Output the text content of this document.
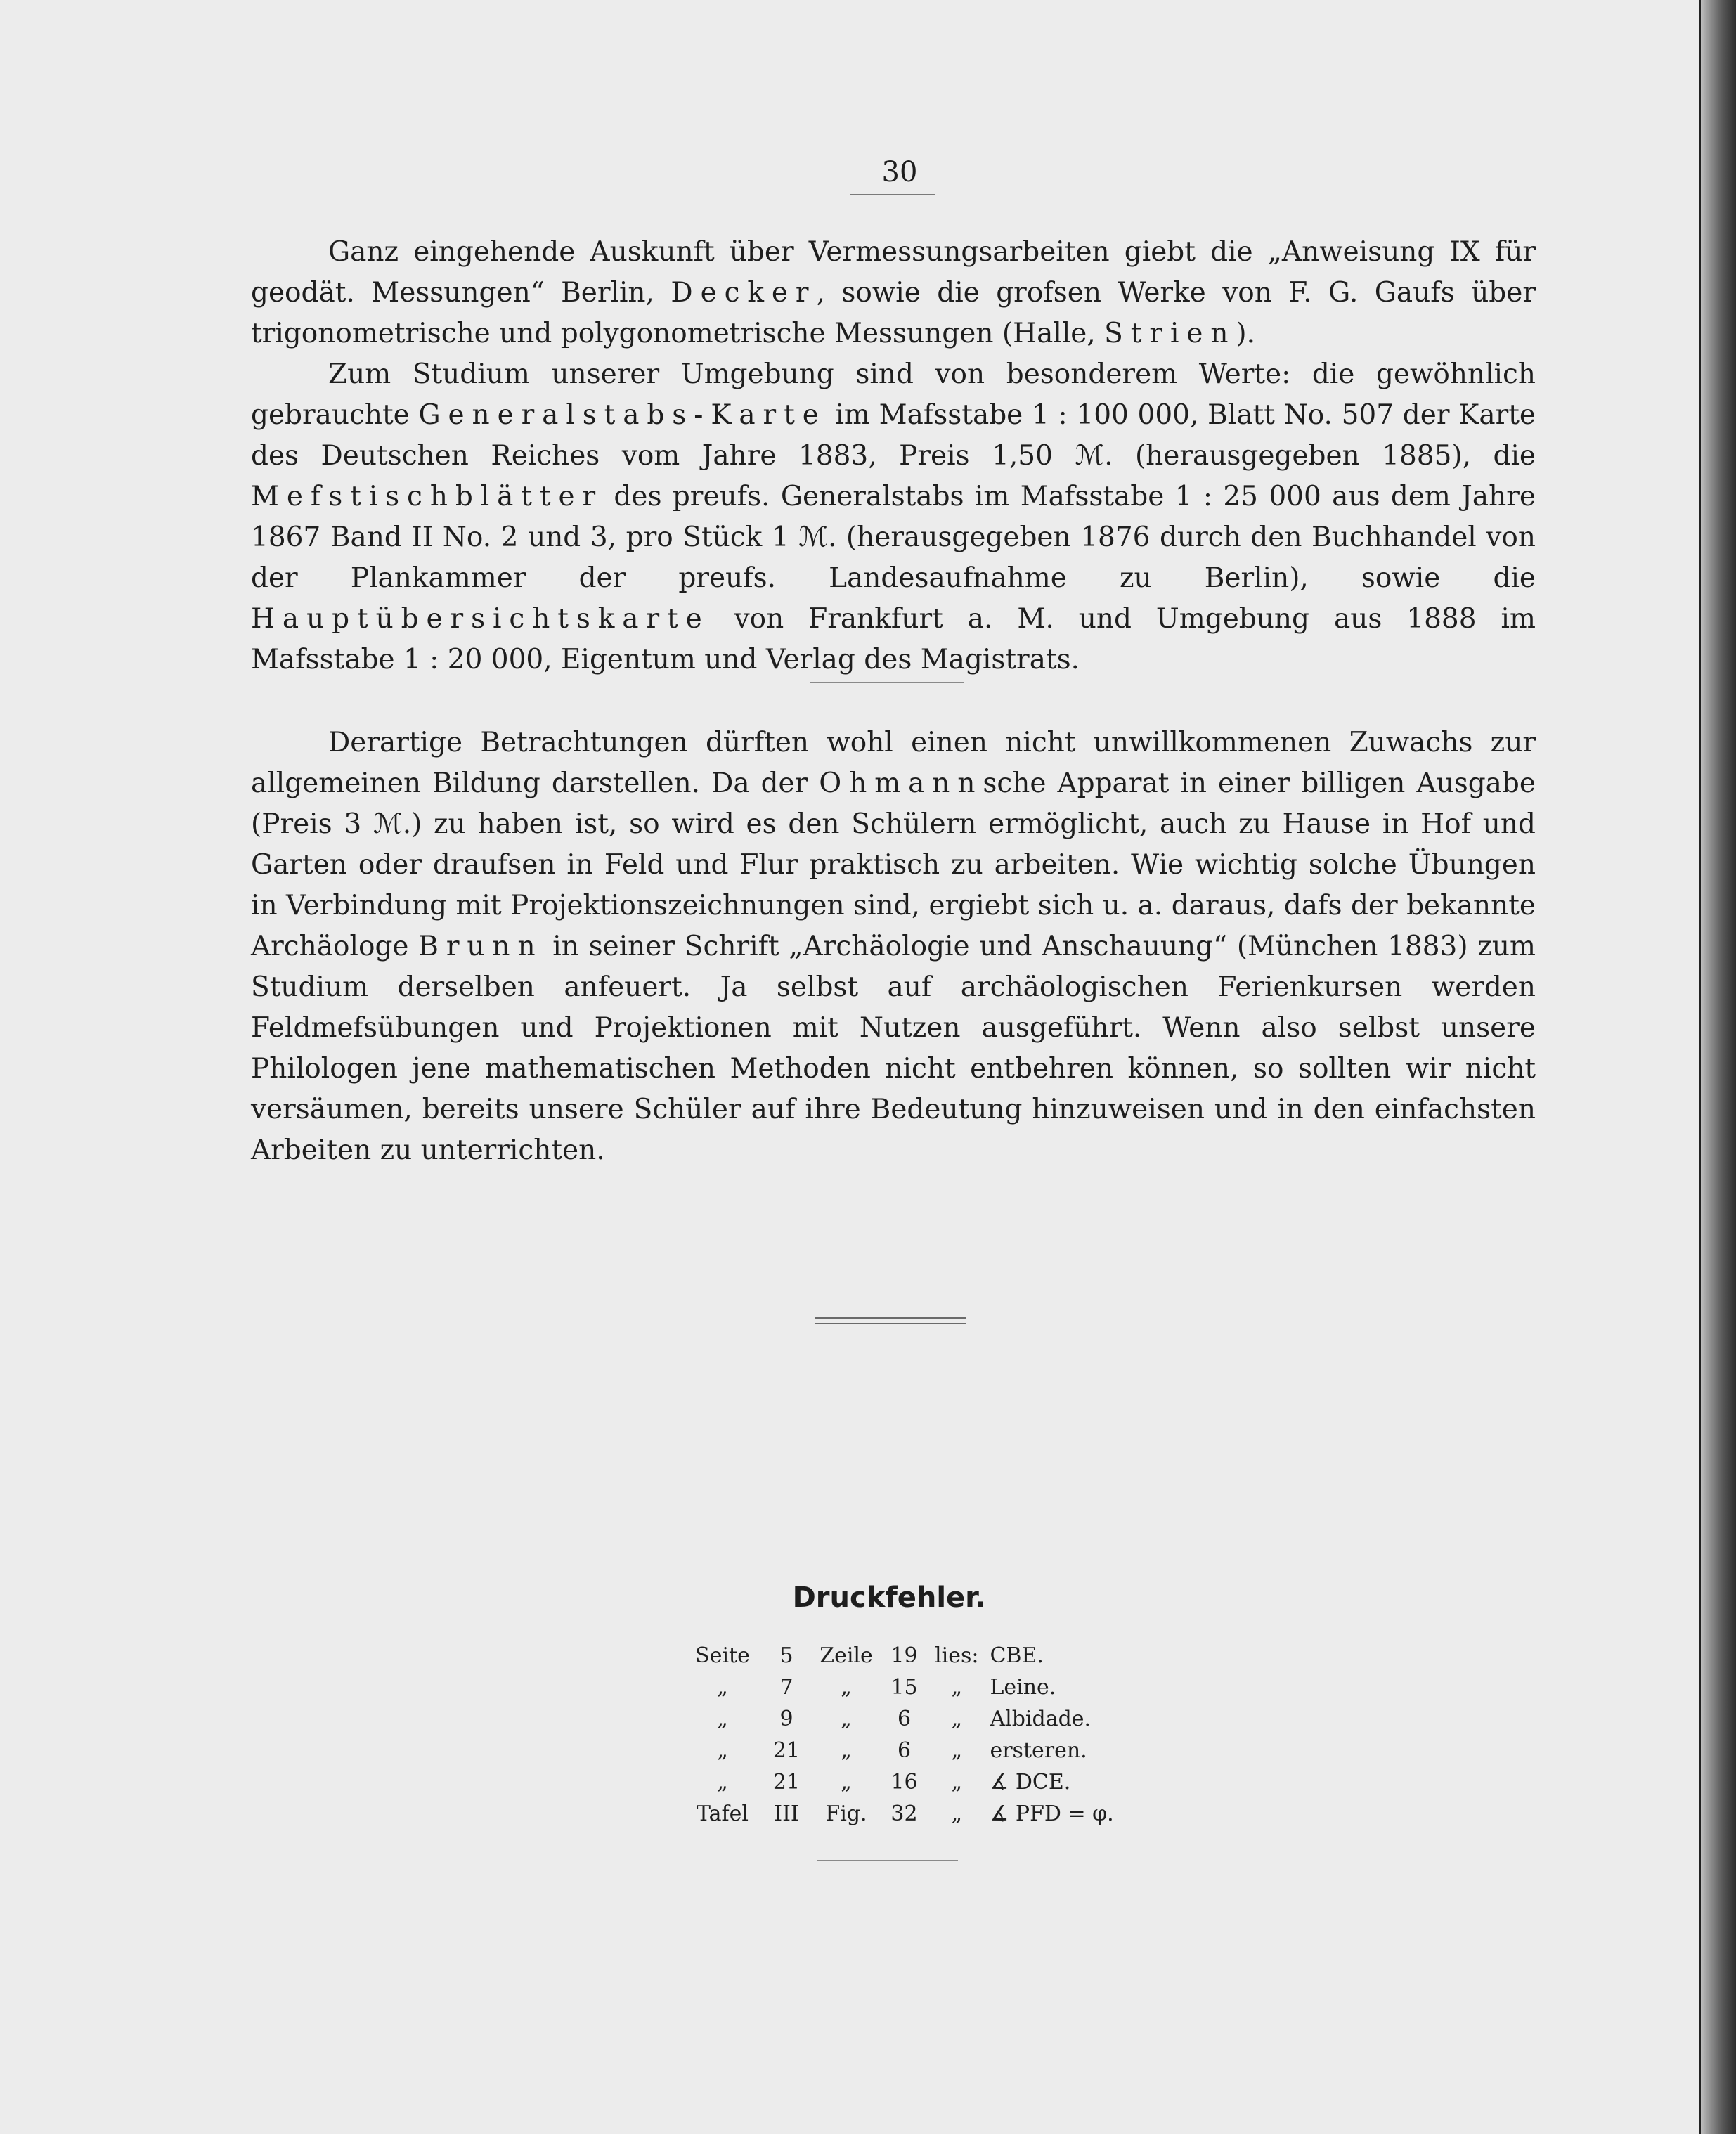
30

Ganz eingehende Auskunft über Vermessungsarbeiten giebt die „Anweisung IX für geodät. Messungen“ Berlin, Decker, sowie die grofsen Werke von F. G. Gaufs über trigonometrische und polygonometrische Messungen (Halle, Strien).

Zum Studium unserer Umgebung sind von besonderem Werte: die gewöhnlich gebrauchte Generalstabs-Karte im Mafsstabe 1 : 100 000, Blatt No. 507 der Karte des Deutschen Reiches vom Jahre 1883, Preis 1,50 ℳ. (herausgegeben 1885), die Mefstischblätter des preufs. Generalstabs im Mafsstabe 1 : 25 000 aus dem Jahre 1867 Band II No. 2 und 3, pro Stück 1 ℳ. (herausgegeben 1876 durch den Buchhandel von der Plankammer der preufs. Landesaufnahme zu Berlin), sowie die Hauptübersichtskarte von Frankfurt a. M. und Umgebung aus 1888 im Mafsstabe 1 : 20 000, Eigentum und Verlag des Magistrats.

Derartige Betrachtungen dürften wohl einen nicht unwillkommenen Zuwachs zur allgemeinen Bildung darstellen. Da der Ohmannsche Apparat in einer billigen Ausgabe (Preis 3 ℳ.) zu haben ist, so wird es den Schülern ermöglicht, auch zu Hause in Hof und Garten oder draufsen in Feld und Flur praktisch zu arbeiten. Wie wichtig solche Übungen in Verbindung mit Projektionszeichnungen sind, ergiebt sich u. a. daraus, dafs der bekannte Archäologe Brunn in seiner Schrift „Archäologie und Anschauung“ (München 1883) zum Studium derselben anfeuert. Ja selbst auf archäologischen Ferienkursen werden Feldmefsübungen und Projektionen mit Nutzen ausgeführt. Wenn also selbst unsere Philologen jene mathematischen Methoden nicht entbehren können, so sollten wir nicht versäumen, bereits unsere Schüler auf ihre Bedeutung hinzuweisen und in den einfachsten Arbeiten zu unterrichten.

Druckfehler.
Seite	5	Zeile	19	lies:	CBE.
„	7	„	15	„	Leine.
„	9	„	6	„	Albidade.
„	21	„	6	„	ersteren.
„	21	„	16	„	∡ DCE.
Tafel	III	Fig.	32	„	∡ PFD = φ.
